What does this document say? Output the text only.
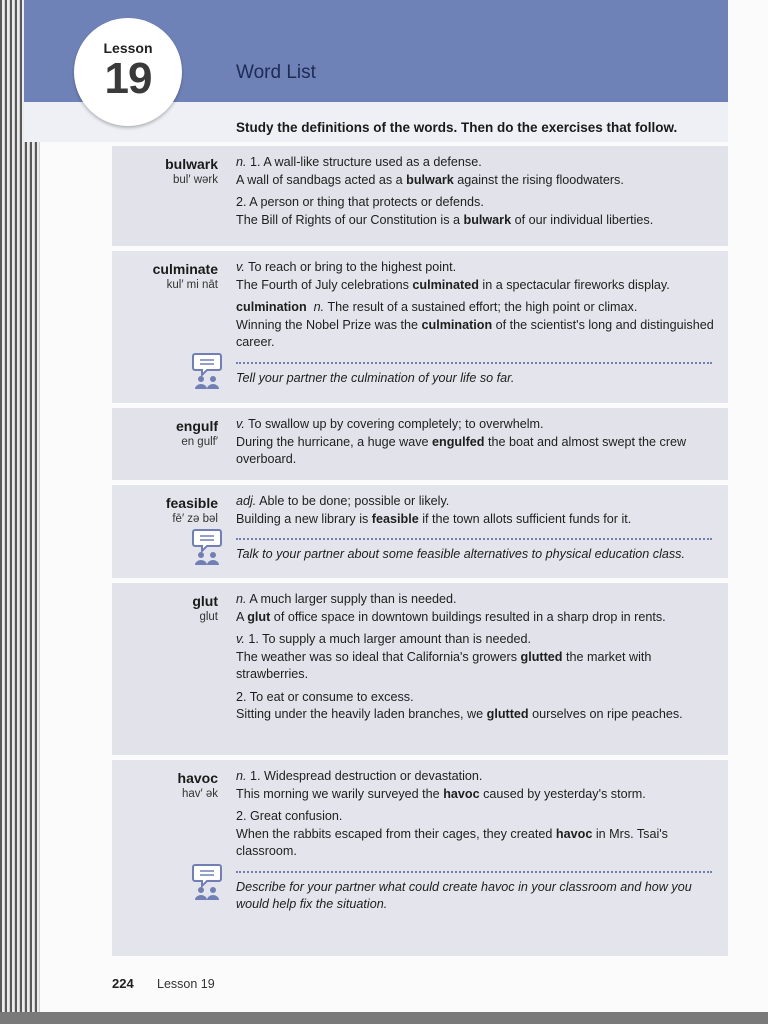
Lesson
19	Word List
Study the definitions of the words. Then do the exercises that follow.
bulwark
bul′ wərk

n. 1. A wall-like structure used as a defense.
A wall of sandbags acted as a bulwark against the rising floodwaters.

2. A person or thing that protects or defends.
The Bill of Rights of our Constitution is a bulwark of our individual liberties.

culminate
kul′ mi nāt

v. To reach or bring to the highest point.
The Fourth of July celebrations culminated in a spectacular fireworks display.

culmination n. The result of a sustained effort; the high point or climax.
Winning the Nobel Prize was the culmination of the scientist's long and distinguished career.

Tell your partner the culmination of your life so far.

engulf
en gulf′

v. To swallow up by covering completely; to overwhelm.
During the hurricane, a huge wave engulfed the boat and almost swept the crew overboard.

feasible
fē′ zə bəl

adj. Able to be done; possible or likely.
Building a new library is feasible if the town allots sufficient funds for it.

Talk to your partner about some feasible alternatives to physical education class.

glut
glut

n. A much larger supply than is needed.
A glut of office space in downtown buildings resulted in a sharp drop in rents.

v. 1. To supply a much larger amount than is needed.
The weather was so ideal that California's growers glutted the market with strawberries.

2. To eat or consume to excess.
Sitting under the heavily laden branches, we glutted ourselves on ripe peaches.

havoc
hav′ ək

n. 1. Widespread destruction or devastation.
This morning we warily surveyed the havoc caused by yesterday's storm.

2. Great confusion.
When the rabbits escaped from their cages, they created havoc in Mrs. Tsai's classroom.

Describe for your partner what could create havoc in your classroom and how you would help fix the situation.

224 Lesson 19
